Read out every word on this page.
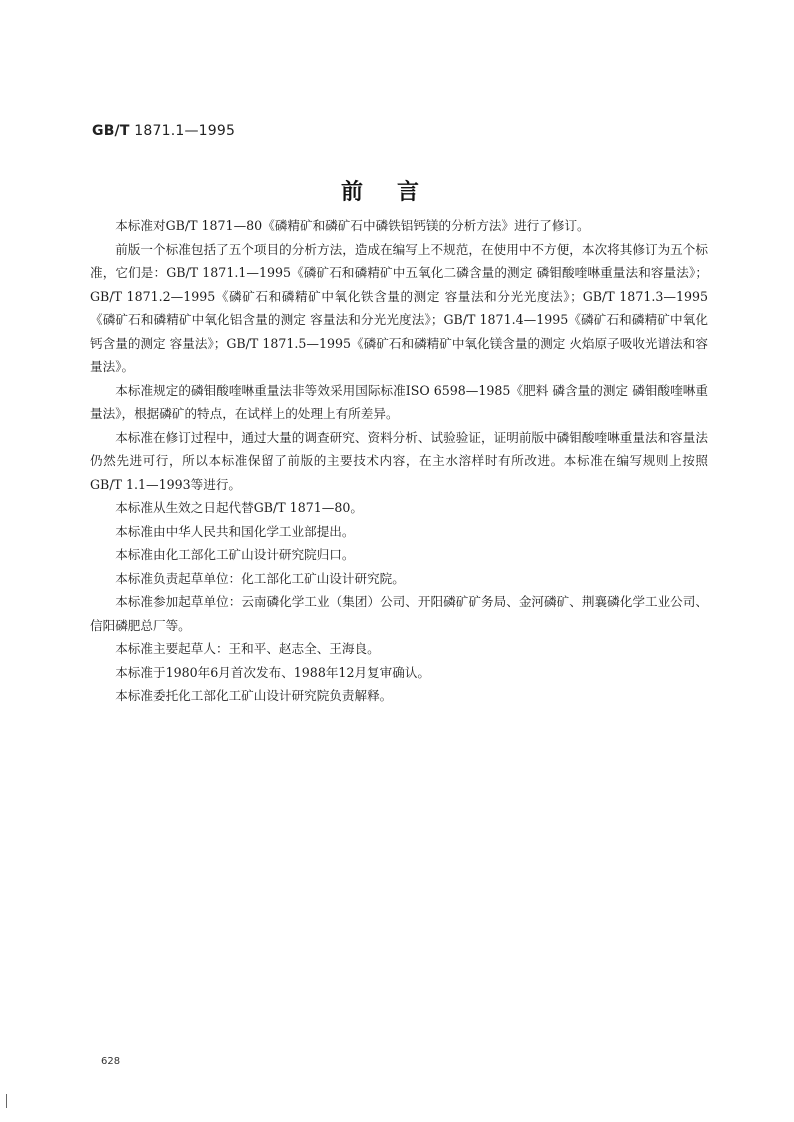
GB/T 1871.1—1995
前言

本标准对GB/T 1871—80《磷精矿和磷矿石中磷铁铝钙镁的分析方法》进行了修订。

前版一个标准包括了五个项目的分析方法，造成在编写上不规范，在使用中不方便，本次将其修订为五个标准，它们是：GB/T 1871.1—1995《磷矿石和磷精矿中五氧化二磷含量的测定 磷钼酸喹啉重量法和容量法》；GB/T 1871.2—1995《磷矿石和磷精矿中氧化铁含量的测定 容量法和分光光度法》；GB/T 1871.3—1995《磷矿石和磷精矿中氧化铝含量的测定 容量法和分光光度法》；GB/T 1871.4—1995《磷矿石和磷精矿中氧化钙含量的测定 容量法》；GB/T 1871.5—1995《磷矿石和磷精矿中氧化镁含量的测定 火焰原子吸收光谱法和容量法》。

本标准规定的磷钼酸喹啉重量法非等效采用国际标准ISO 6598—1985《肥料 磷含量的测定 磷钼酸喹啉重量法》，根据磷矿的特点，在试样上的处理上有所差异。

本标准在修订过程中，通过大量的调查研究、资料分析、试验验证，证明前版中磷钼酸喹啉重量法和容量法仍然先进可行，所以本标准保留了前版的主要技术内容，在主水溶样时有所改进。本标准在编写规则上按照GB/T 1.1—1993等进行。

本标准从生效之日起代替GB/T 1871—80。

本标准由中华人民共和国化学工业部提出。

本标准由化工部化工矿山设计研究院归口。

本标准负责起草单位：化工部化工矿山设计研究院。

本标准参加起草单位：云南磷化学工业（集团）公司、开阳磷矿矿务局、金河磷矿、荆襄磷化学工业公司、信阳磷肥总厂等。

本标准主要起草人：王和平、赵志全、王海良。

本标准于1980年6月首次发布、1988年12月复审确认。

本标准委托化工部化工矿山设计研究院负责解释。

628
